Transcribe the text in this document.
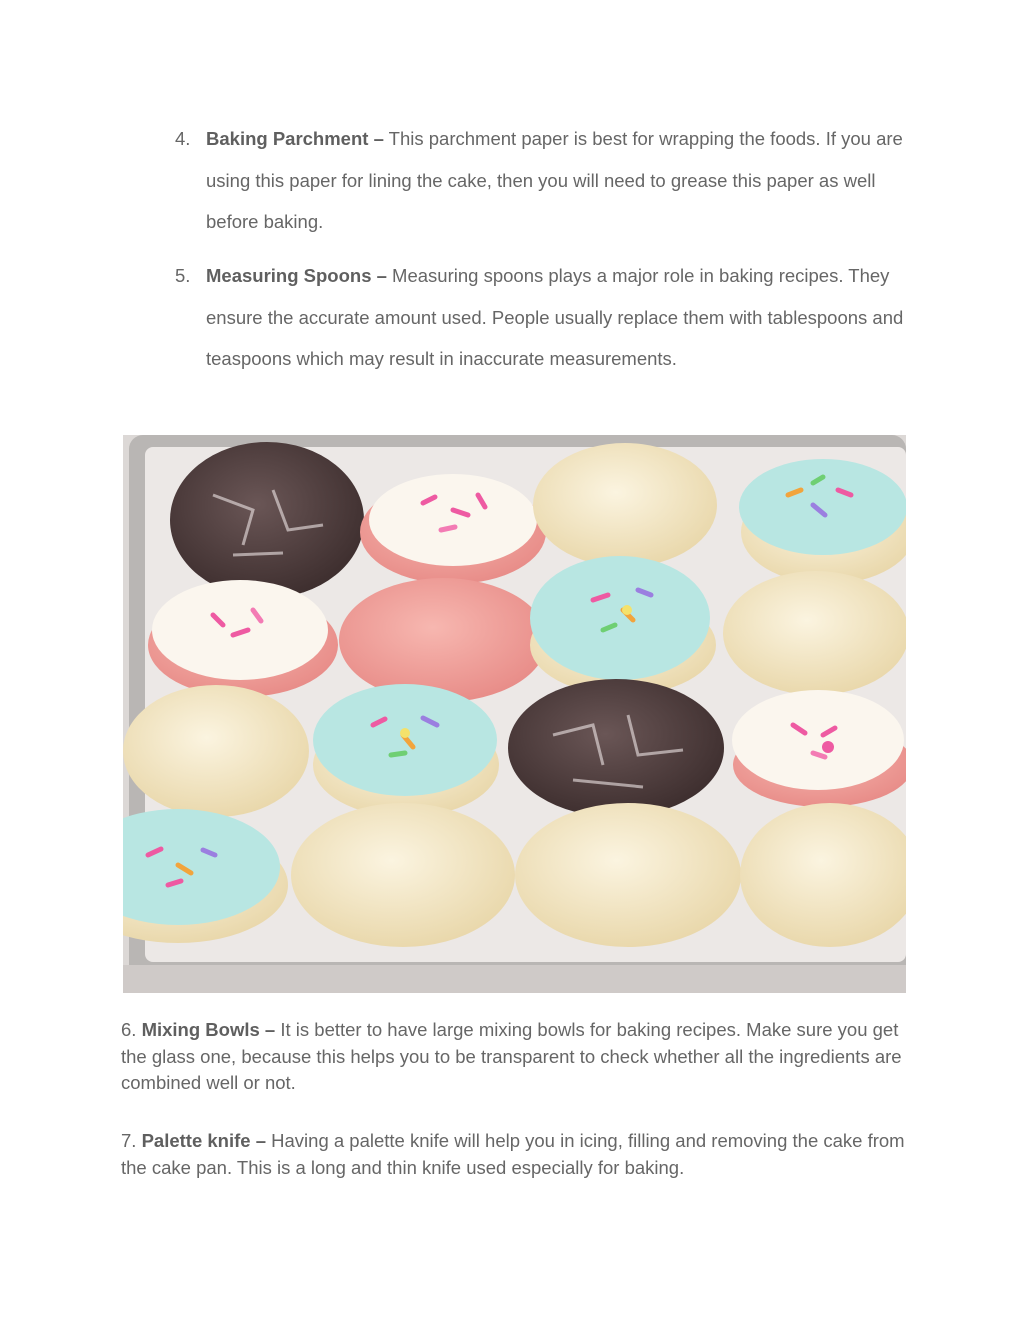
4. Baking Parchment – This parchment paper is best for wrapping the foods. If you are using this paper for lining the cake, then you will need to grease this paper as well before baking.
5. Measuring Spoons – Measuring spoons plays a major role in baking recipes. They ensure the accurate amount used. People usually replace them with tablespoons and teaspoons which may result in inaccurate measurements.
6. Mixing Bowls – It is better to have large mixing bowls for baking recipes. Make sure you get the glass one, because this helps you to be transparent to check whether all the ingredients are combined well or not.
7. Palette knife – Having a palette knife will help you in icing, filling and removing the cake from the cake pan. This is a long and thin knife used especially for baking.
